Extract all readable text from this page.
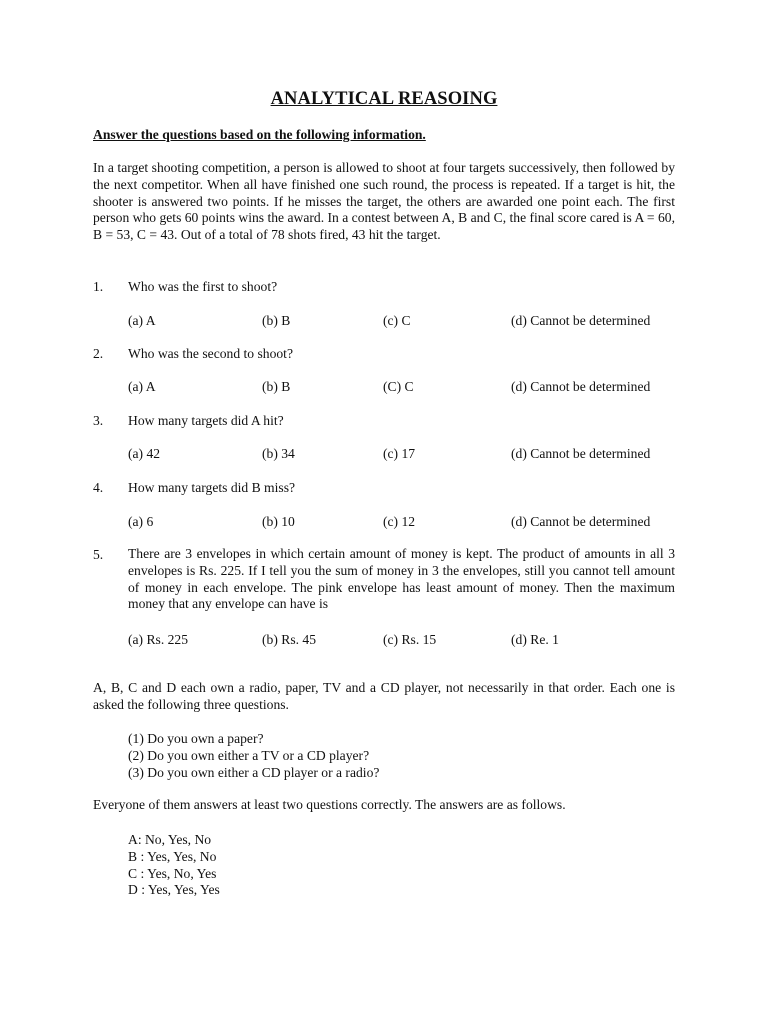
ANALYTICAL REASOING
Answer the questions based on the following information.
In a target shooting competition, a person is allowed to shoot at four targets successively, then followed by the next competitor. When all have finished one such round, the process is repeated. If a target is hit, the shooter is answered two points. If he misses the target, the others are awarded one point each. The first person who gets 60 points wins the award. In a contest between A, B and C, the final score cared is A = 60, B = 53, C = 43. Out of a total of 78 shots fired, 43 hit the target.
1. Who was the first to shoot?
(a) A	(b) B	(c) C	(d) Cannot be determined
2. Who was the second to shoot?
(a) A	(b) B	(C) C	(d) Cannot be determined
3. How many targets did A hit?
(a) 42	(b) 34	(c) 17	(d) Cannot be determined
4. How many targets did B miss?
(a) 6	(b) 10	(c) 12	(d) Cannot be determined
5. There are 3 envelopes in which certain amount of money is kept. The product of amounts in all 3 envelopes is Rs. 225. If I tell you the sum of money in 3 the envelopes, still you cannot tell amount of money in each envelope. The pink envelope has least amount of money. Then the maximum money that any envelope can have is
(a) Rs. 225	(b) Rs. 45	(c) Rs. 15	(d) Re. 1
A, B, C and D each own a radio, paper, TV and a CD player, not necessarily in that order. Each one is asked the following three questions.
(1) Do you own a paper?
(2) Do you own either a TV or a CD player?
(3) Do you own either a CD player or a radio?
Everyone of them answers at least two questions correctly. The answers are as follows.
A: No, Yes, No
B : Yes, Yes, No
C : Yes, No, Yes
D : Yes, Yes, Yes
